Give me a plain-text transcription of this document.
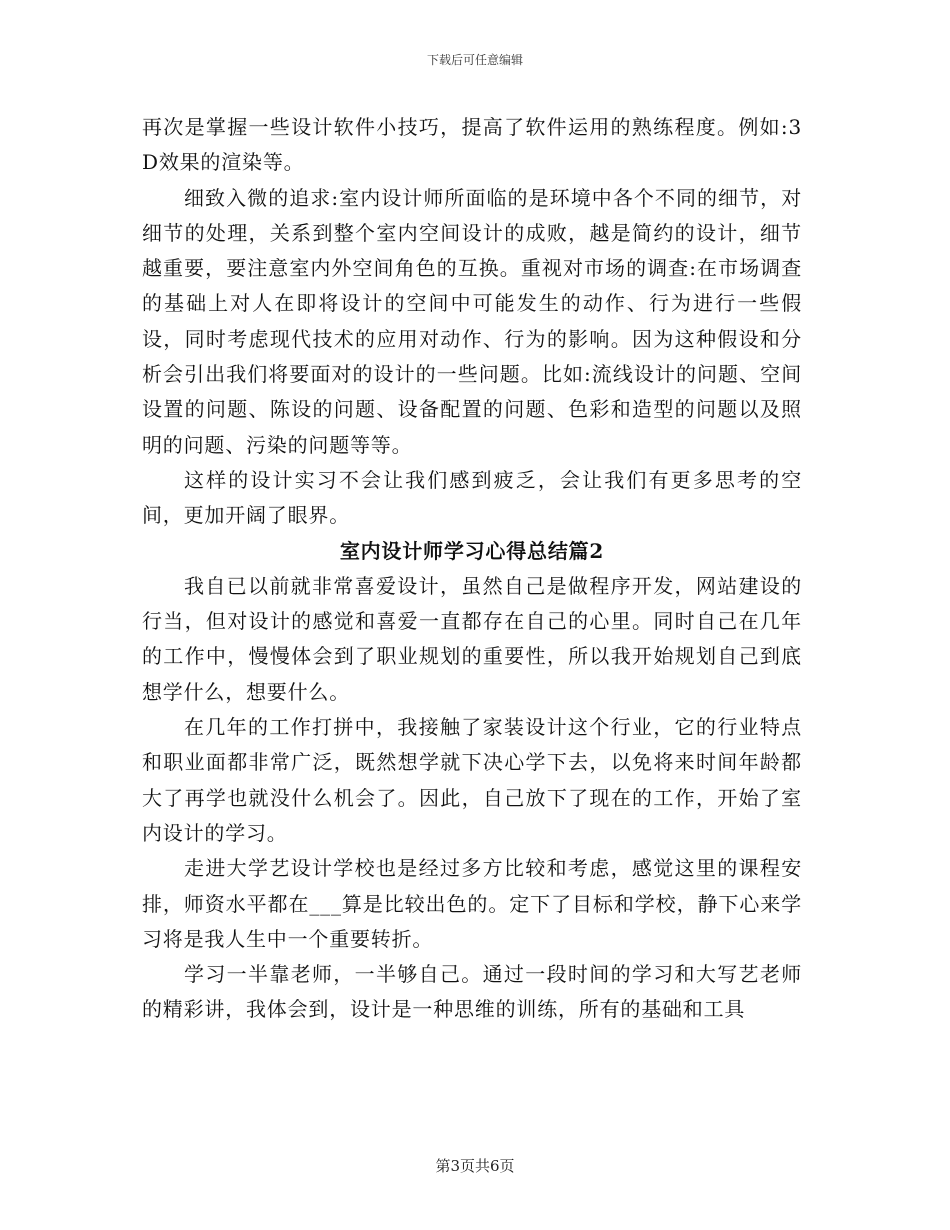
下载后可任意编辑

再次是掌握一些设计软件小技巧，提高了软件运用的熟练程度。例如:3D效果的渲染等。

细致入微的追求:室内设计师所面临的是环境中各个不同的细节，对细节的处理，关系到整个室内空间设计的成败，越是简约的设计，细节越重要，要注意室内外空间角色的互换。重视对市场的调查:在市场调查的基础上对人在即将设计的空间中可能发生的动作、行为进行一些假设，同时考虑现代技术的应用对动作、行为的影响。因为这种假设和分析会引出我们将要面对的设计的一些问题。比如:流线设计的问题、空间设置的问题、陈设的问题、设备配置的问题、色彩和造型的问题以及照明的问题、污染的问题等等。

这样的设计实习不会让我们感到疲乏，会让我们有更多思考的空间，更加开阔了眼界。

室内设计师学习心得总结篇2

我自已以前就非常喜爱设计，虽然自己是做程序开发，网站建设的行当，但对设计的感觉和喜爱一直都存在自己的心里。同时自己在几年的工作中，慢慢体会到了职业规划的重要性，所以我开始规划自己到底想学什么，想要什么。

在几年的工作打拼中，我接触了家装设计这个行业，它的行业特点和职业面都非常广泛，既然想学就下决心学下去，以免将来时间年龄都大了再学也就没什么机会了。因此，自己放下了现在的工作，开始了室内设计的学习。

走进大学艺设计学校也是经过多方比较和考虑，感觉这里的课程安排，师资水平都在___算是比较出色的。定下了目标和学校，静下心来学习将是我人生中一个重要转折。

学习一半靠老师，一半够自己。通过一段时间的学习和大写艺老师的精彩讲，我体会到，设计是一种思维的训练，所有的基础和工具

第3页共6页
